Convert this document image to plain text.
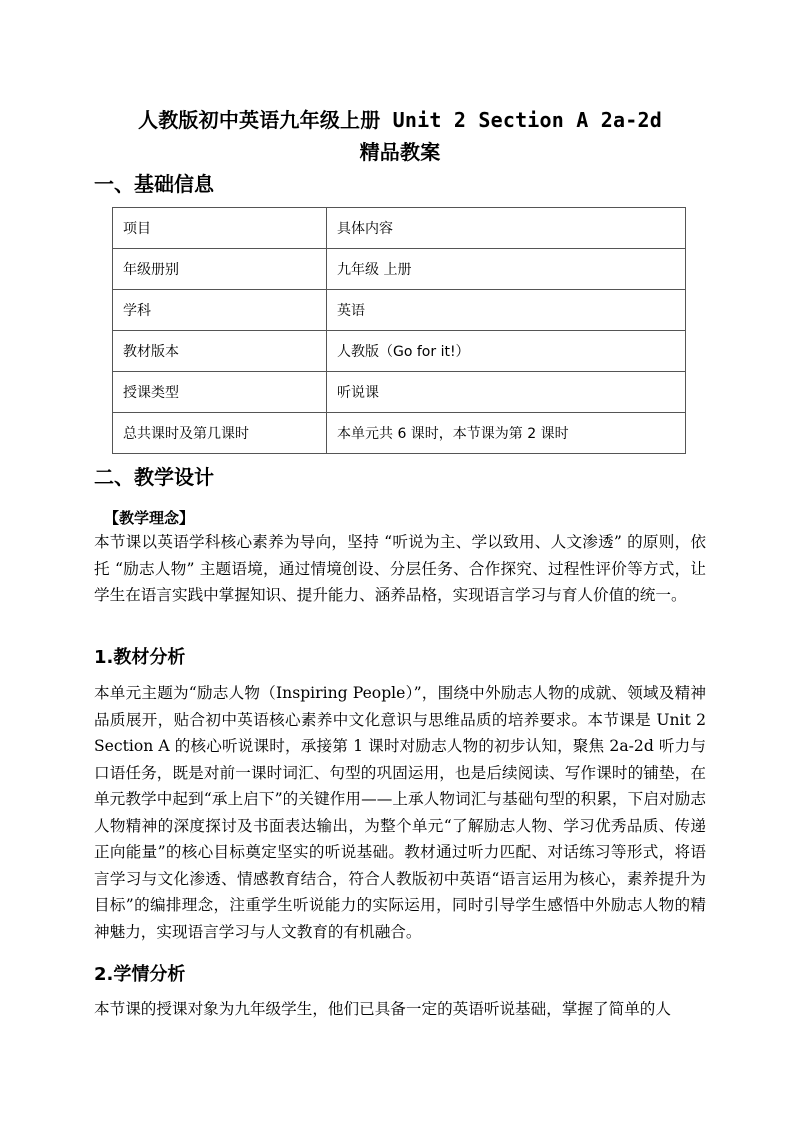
人教版初中英语九年级上册 Unit 2 Section A 2a-2d
精品教案
一、基础信息
项目	具体内容
年级册别	九年级 上册
学科	英语
教材版本	人教版（Go for it!）
授课类型	听说课
总共课时及第几课时	本单元共 6 课时，本节课为第 2 课时
二、教学设计
【教学理念】
本节课以英语学科核心素养为导向，坚持 “听说为主、学以致用、人文渗透” 的原则，依托 “励志人物” 主题语境，通过情境创设、分层任务、合作探究、过程性评价等方式，让学生在语言实践中掌握知识、提升能力、涵养品格，实现语言学习与育人价值的统一。
1.教材分析
本单元主题为“励志人物（Inspiring People）”，围绕中外励志人物的成就、领域及精神品质展开，贴合初中英语核心素养中文化意识与思维品质的培养要求。本节课是 Unit 2 Section A 的核心听说课时，承接第 1 课时对励志人物的初步认知，聚焦 2a-2d 听力与口语任务，既是对前一课时词汇、句型的巩固运用，也是后续阅读、写作课时的铺垫，在单元教学中起到“承上启下”的关键作用——上承人物词汇与基础句型的积累，下启对励志人物精神的深度探讨及书面表达输出，为整个单元“了解励志人物、学习优秀品质、传递正向能量”的核心目标奠定坚实的听说基础。教材通过听力匹配、对话练习等形式，将语言学习与文化渗透、情感教育结合，符合人教版初中英语“语言运用为核心，素养提升为目标”的编排理念，注重学生听说能力的实际运用，同时引导学生感悟中外励志人物的精神魅力，实现语言学习与人文教育的有机融合。
2.学情分析
本节课的授课对象为九年级学生，他们已具备一定的英语听说基础，掌握了简单的人
